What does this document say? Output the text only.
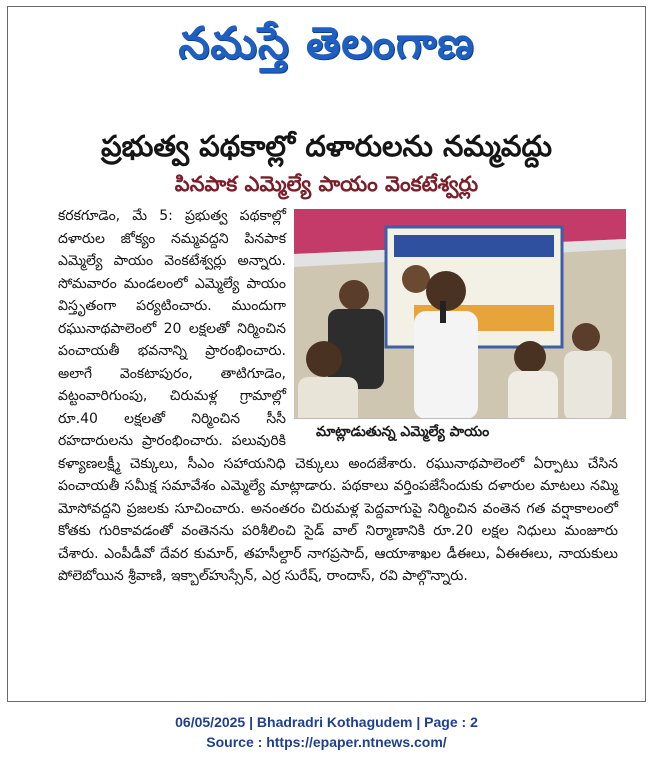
నమస్తే తెలంగాణ
ప్రభుత్వ పథకాల్లో దళారులను నమ్మవద్దు
పినపాక ఎమ్మెల్యే పాయం వెంకటేశ్వర్లు
మాట్లాడుతున్న ఎమ్మెల్యే పాయం

కరకగూడెం, మే 5: ప్రభుత్వ పథకాల్లో దళారుల జోక్యం నమ్మవద్దని పినపాక ఎమ్మెల్యే పాయం వెంకటేశ్వర్లు అన్నారు. సోమవారం మండలంలో ఎమ్మెల్యే పాయం విస్తృతంగా పర్యటించారు. ముందుగా రఘునాథపాలెంలో 20 లక్షలతో నిర్మించిన పంచాయతీ భవనాన్ని ప్రారంభించారు. అలాగే వెంకటాపురం, తాటిగూడెం, వట్టంవారిగుంపు, చిరుమళ్ల గ్రామాల్లో రూ.40 లక్షలతో నిర్మించిన సీసీ రహదారులను ప్రారంభించారు. పలువురికి కళ్యాణలక్ష్మీ చెక్కులు, సీఎం సహాయనిధి చెక్కులు అందజేశారు. రఘునాథపాలెంలో ఏర్పాటు చేసిన పంచాయతీ సమీక్ష సమావేశం ఎమ్మెల్యే మాట్లాడారు. పథకాలు వర్తింపజేసేందుకు దళారుల మాటలు నమ్మి మోసోవద్దని ప్రజలకు సూచించారు. అనంతరం చిరుమళ్ల పెద్దవాగుపై నిర్మించిన వంతెన గత వర్షాకాలంలో కోతకు గురికావడంతో వంతెనను పరిశీలించి సైడ్ వాల్ నిర్మాణానికి రూ.20 లక్షల నిధులు మంజూరు చేశారు. ఎంపీడీవో దేవర కుమార్, తహసీల్దార్ నాగప్రసాద్, ఆయాశాఖల డీఈలు, ఏఈఈలు, నాయకులు పోలెబోయిన శ్రీవాణి, ఇక్బాల్‌హుస్సేన్, ఎర్ర సురేష్, రాందాస్, రవి పాల్గొన్నారు.

06/05/2025 | Bhadradri Kothagudem | Page : 2
Source : https://epaper.ntnews.com/
